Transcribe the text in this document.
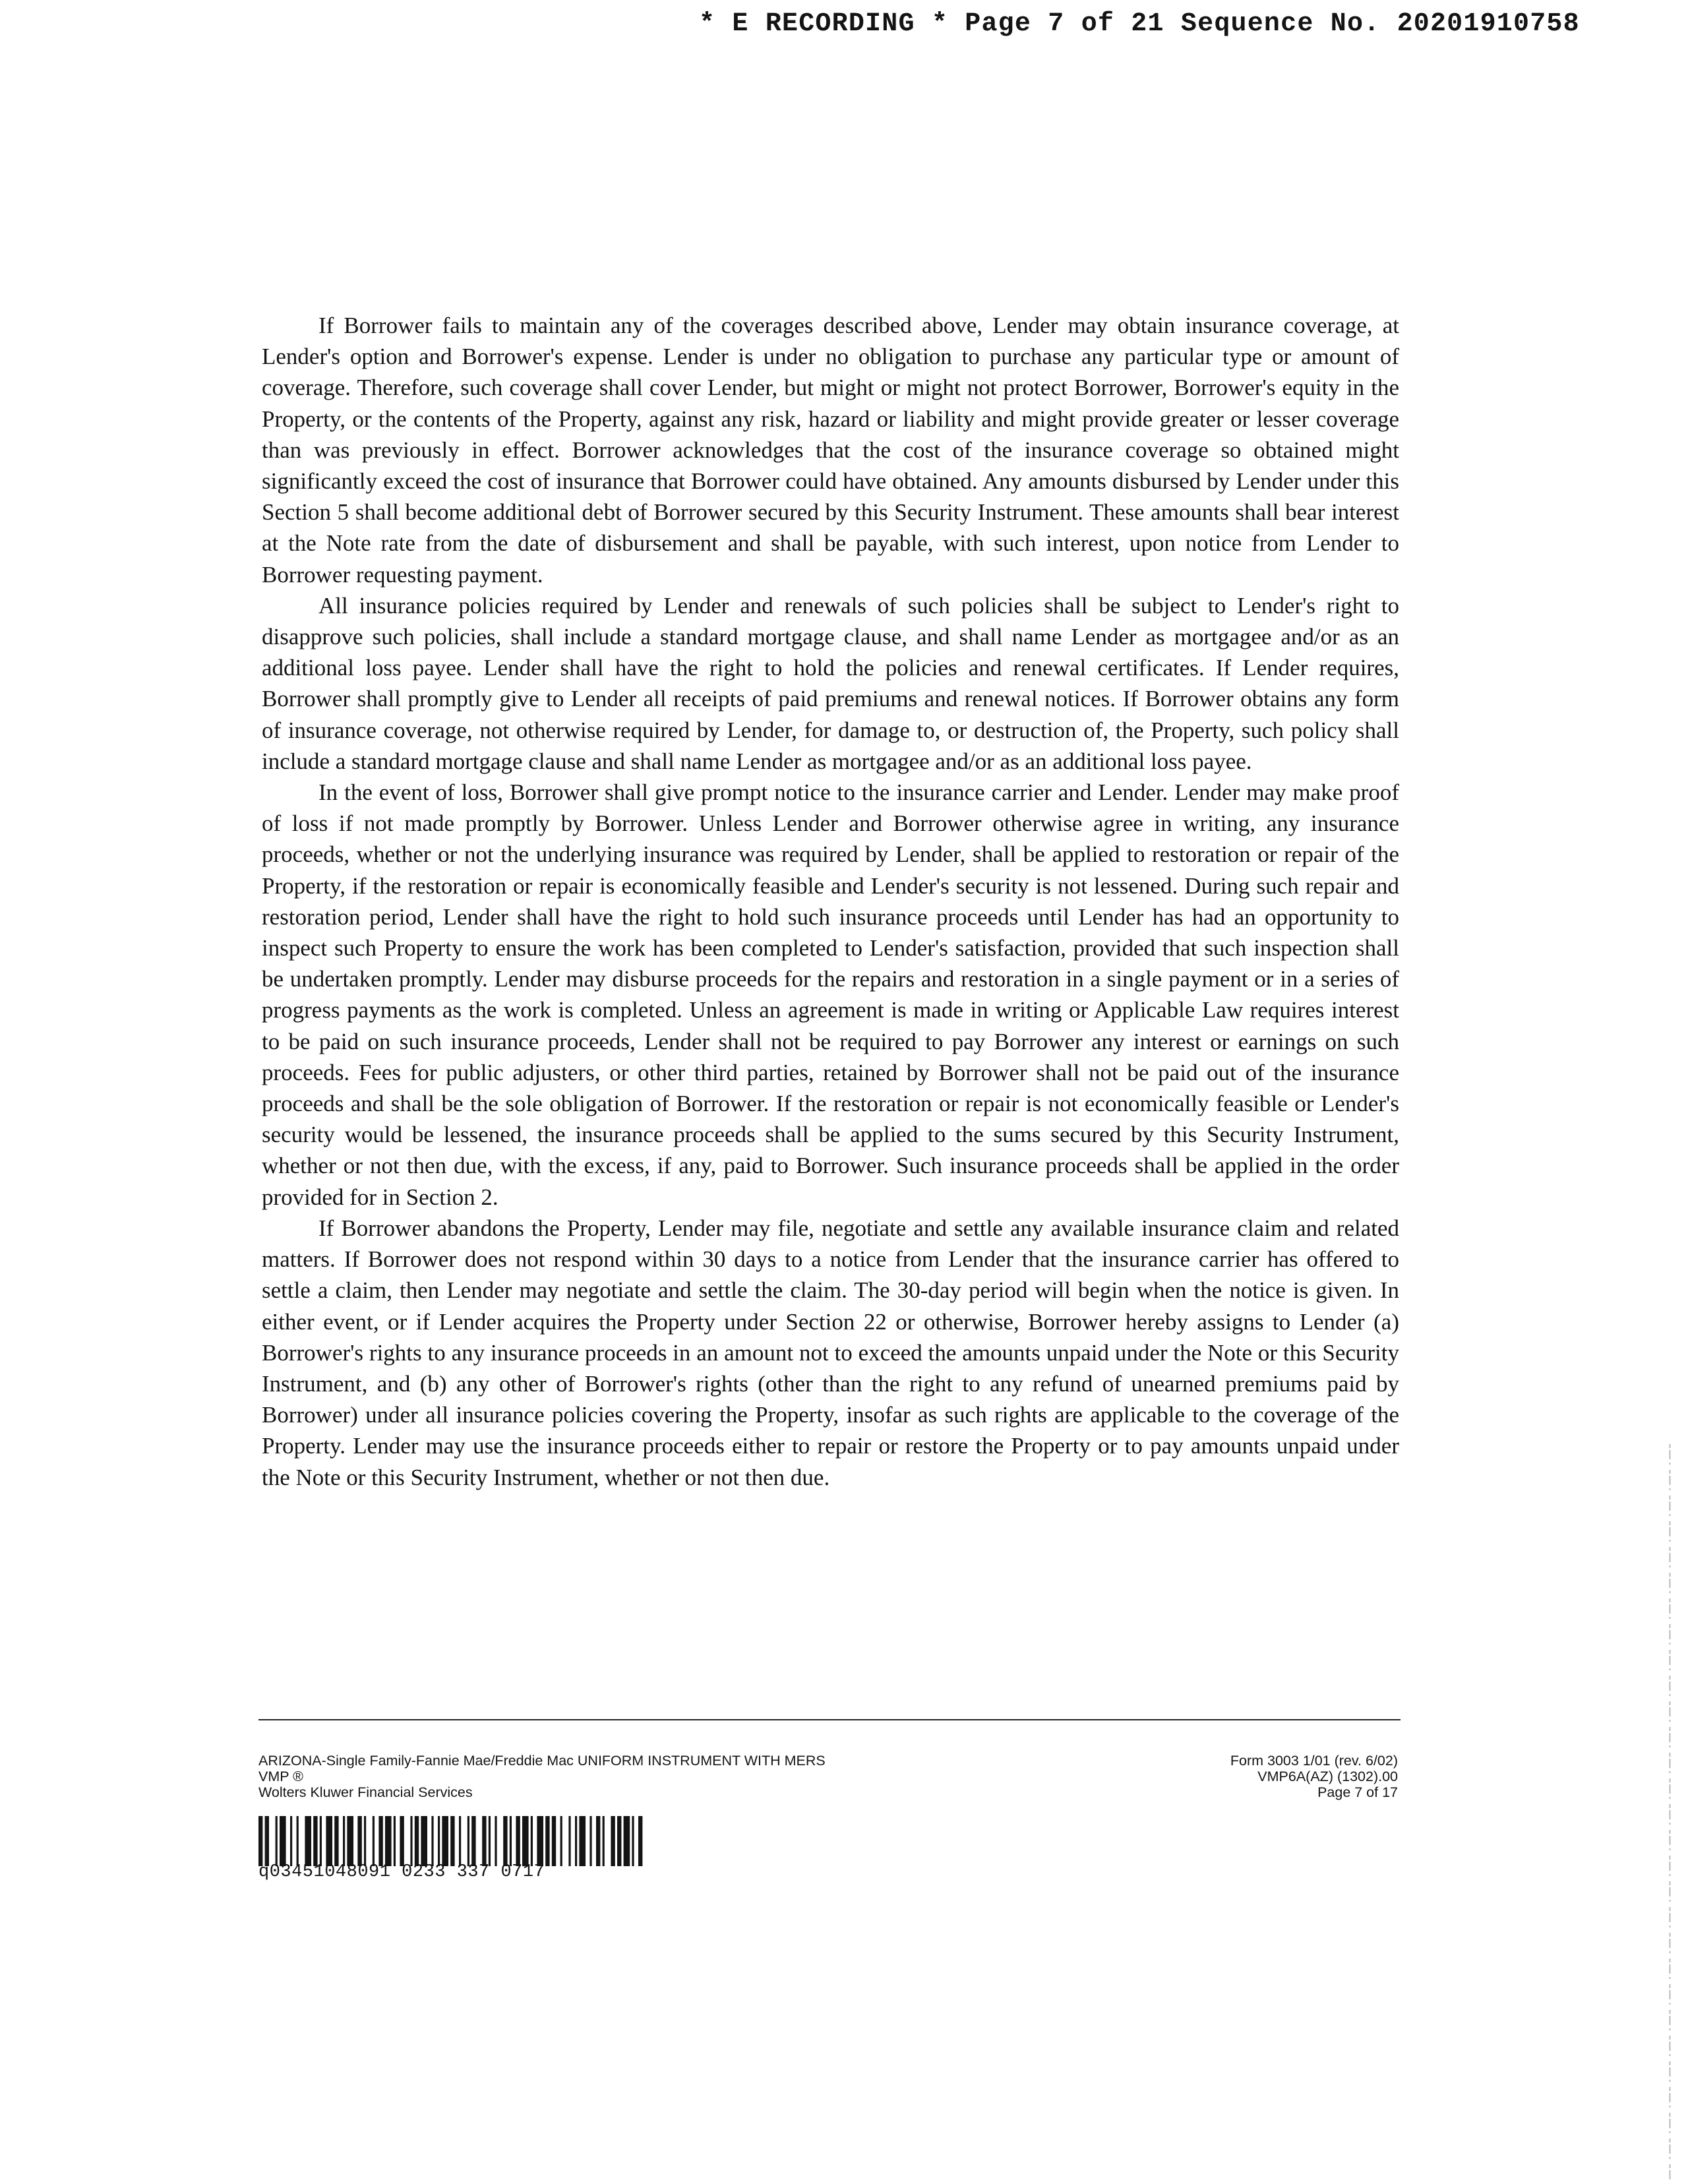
* E RECORDING * Page 7 of 21 Sequence No. 20201910758

If Borrower fails to maintain any of the coverages described above, Lender may obtain insurance coverage, at Lender's option and Borrower's expense. Lender is under no obligation to purchase any particular type or amount of coverage. Therefore, such coverage shall cover Lender, but might or might not protect Borrower, Borrower's equity in the Property, or the contents of the Property, against any risk, hazard or liability and might provide greater or lesser coverage than was previously in effect. Borrower acknowledges that the cost of the insurance coverage so obtained might significantly exceed the cost of insurance that Borrower could have obtained. Any amounts disbursed by Lender under this Section 5 shall become additional debt of Borrower secured by this Security Instrument. These amounts shall bear interest at the Note rate from the date of disbursement and shall be payable, with such interest, upon notice from Lender to Borrower requesting payment.

All insurance policies required by Lender and renewals of such policies shall be subject to Lender's right to disapprove such policies, shall include a standard mortgage clause, and shall name Lender as mortgagee and/or as an additional loss payee. Lender shall have the right to hold the policies and renewal certificates. If Lender requires, Borrower shall promptly give to Lender all receipts of paid premiums and renewal notices. If Borrower obtains any form of insurance coverage, not otherwise required by Lender, for damage to, or destruction of, the Property, such policy shall include a standard mortgage clause and shall name Lender as mortgagee and/or as an additional loss payee.

In the event of loss, Borrower shall give prompt notice to the insurance carrier and Lender. Lender may make proof of loss if not made promptly by Borrower. Unless Lender and Borrower otherwise agree in writing, any insurance proceeds, whether or not the underlying insurance was required by Lender, shall be applied to restoration or repair of the Property, if the restoration or repair is economically feasible and Lender's security is not lessened. During such repair and restoration period, Lender shall have the right to hold such insurance proceeds until Lender has had an opportunity to inspect such Property to ensure the work has been completed to Lender's satisfaction, provided that such inspection shall be undertaken promptly. Lender may disburse proceeds for the repairs and restoration in a single payment or in a series of progress payments as the work is completed. Unless an agreement is made in writing or Applicable Law requires interest to be paid on such insurance proceeds, Lender shall not be required to pay Borrower any interest or earnings on such proceeds. Fees for public adjusters, or other third parties, retained by Borrower shall not be paid out of the insurance proceeds and shall be the sole obligation of Borrower. If the restoration or repair is not economically feasible or Lender's security would be lessened, the insurance proceeds shall be applied to the sums secured by this Security Instrument, whether or not then due, with the excess, if any, paid to Borrower. Such insurance proceeds shall be applied in the order provided for in Section 2.

If Borrower abandons the Property, Lender may file, negotiate and settle any available insurance claim and related matters. If Borrower does not respond within 30 days to a notice from Lender that the insurance carrier has offered to settle a claim, then Lender may negotiate and settle the claim. The 30-day period will begin when the notice is given. In either event, or if Lender acquires the Property under Section 22 or otherwise, Borrower hereby assigns to Lender (a) Borrower's rights to any insurance proceeds in an amount not to exceed the amounts unpaid under the Note or this Security Instrument, and (b) any other of Borrower's rights (other than the right to any refund of unearned premiums paid by Borrower) under all insurance policies covering the Property, insofar as such rights are applicable to the coverage of the Property. Lender may use the insurance proceeds either to repair or restore the Property or to pay amounts unpaid under the Note or this Security Instrument, whether or not then due.

ARIZONA-Single Family-Fannie Mae/Freddie Mac UNIFORM INSTRUMENT WITH MERS
VMP ®
Wolters Kluwer Financial Services
Form 3003 1/01 (rev. 6/02)
VMP6A(AZ) (1302).00
Page 7 of 17
q03451048091 0233 337 0717
